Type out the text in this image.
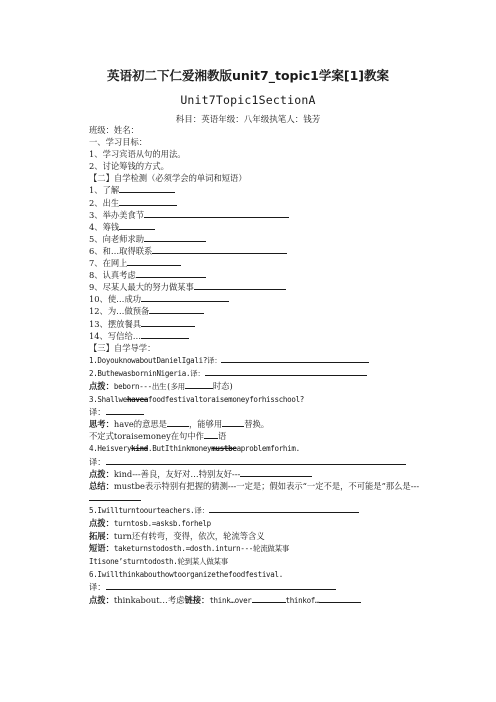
英语初二下仁爱湘教版unit7_topic1学案[1]教案
Unit7Topic1SectionA
科目：英语年级：八年级执笔人：钱芳
班级：姓名：
一、学习目标：
1、学习宾语从句的用法。
2、讨论筹钱的方式。
【二】自学检测（必须学会的单词和短语）
1、了解
2、出生
3、举办美食节
4、筹钱
5、向老师求助
6、和…取得联系
7、在网上
8、认真考虑
9、尽某人最大的努力做某事
10、使…成功
12、为…做预备
13、摆放餐具
14、写信给…
【三】自学导学：
1.DoyouknowaboutDanielIgali?译：
2.ButhewasborninNigeria.译：
点拨：beborn---出生(多用	时态)
3.Shallwehaveafoodfestivaltoraisemoneyforhisschool?
译：
思考：have的意思是	，能够用	替换。
不定式toraisemoney在句中作 语
4.Heisverykind.ButIthinkmoneymustbeaproblemforhim.
译：
点拨：kind---善良，友好对…特别友好---
总结：mustbe表示特别有把握的猜测---一定是；假如表示“一定不是，不可能是”那么是---
5.Iwillturntoourteachers.译：
点拨：turntosb.=asksb.forhelp
拓展：turn还有转弯，变得，依次，轮流等含义
短语：taketurnstodosth.=dosth.inturn---轮流做某事
Itisone’sturntodosth.轮到某人做某事
6.Iwillthinkabouthowtoorganizethefoodfestival.
译：
点拨：thinkabout…考虑链接：think…over	thinkof…
